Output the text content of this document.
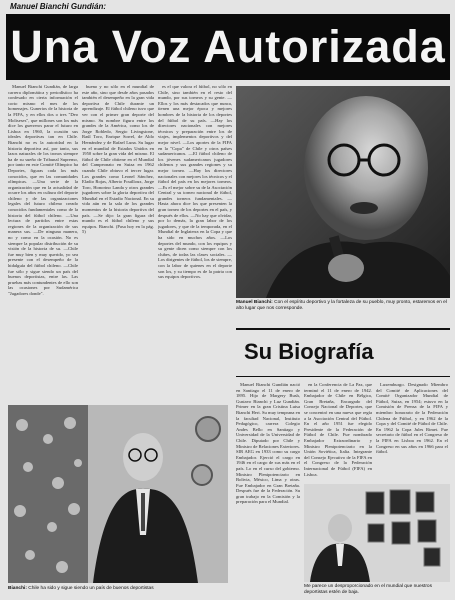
Manuel Bianchi Gundián:
Una Voz Autorizada

Manuel Bianchi Gundián, de larga carrera diplomática y periodístico ha confesado en cierta información el corto mismo el mes de los homenajes. Gunerios de la historia de la FIFA, y en ellos dos o tres "Deo Moliseses", que millones son los más dice los guerreros parar el futuro en Lisboa en 1960, la ocasión sus ideales deportivas tan en Chile. Bianchi no es la autoridad en la historia deportiva así, por tanto, sus lazos naturales de los tronos siempre ha de su sueño de Tribunal Supremo, por tanto en este Comité Olímpico ha Deportes, figuras cada los más conocidos, que en las comunidades olímpicas. —Una serie de la organización que en la actualidad de ocurre los años en cultura del deporte chileno y de las organizaciones legales del futuro chileno creado conocidos fundamentales como de la historia del fútbol chileno. —Una lectura de partidos entre estas regiones de la organización de sus manera sus. —De ninguna manera, no y como en la ocasión. No es siempre la popular distribución de su visión de la historia de su. —Chile fue muy bien y muy querido, yo sea presente con el desempeño de la hidalguía del fútbol chileno. —Chile fue sólo y sigue siendo un país del buenos deportistas, entre las. Las pruebas más contundentes de ello son las ocasiones por Sudamérica "Jugadores donde".

bueno y no sólo en el mundial de este año, sino que desde años pasados también el desempeño en la gran vida deportiva de Chile durante un aprendizaje. El fútbol chileno tuvo que ver con el primer gran deporte del mismo. Su nombre figura entre los grandes de la América, como los de Jorge Robledo, Sergio Livingstone, Raúl Toro, Enrique Sorrel, de Aldo Hernández y de Rafael Luna. Su lugar en el mundial de Estados Unidos en 1950 sobre la gran vida del mismo. El fútbol de Chile obtiene en el Mundial del Campeonato en Suiza en 1962 cuando Chile obtuvo el tercer lugar. Los grandes como Leonel Sánchez, Eladio Rojas, Alberto Fouilloux, Jorge Toro, Honorino Landa y otros grandes jugadores sobre la gloria deportiva del Mundial en el Estadio Nacional. En su vida aún en la sala de los grandes momentos de la historia deportiva del país. —Se dijo: la gran figura del mundo es el fútbol chileno y sus equipos. Bianchi. (Pasa hoy en la pág. 5)

es el que valora el fútbol, no sólo en Chile, sino también en el resto del mundo, por sus torneos y su gente. —Ellos y los más destacados que nunca, tienen una mejor época y mejores hombres de la historia de los deportes del fútbol de su país. —Hay los directores nacionales con mejores técnicos y preparación entre los de viajes, implementos deportivos y del mejor nivel. —Los aportes de la FIFA en la "Copa" de Chile y otros países sudamericanos. —El fútbol chileno de los jóvenes sudamericanos jugadores chilenos y sus grandes regiones y su mejor torneo. —Hay los directores nacionales con mejores los técnicos y el fútbol del país en los mejores torneos. —Es el mejor sobre su de la Asociación Central y su torneo nacional de fútbol, grandes torneos fundamentales. —Hasta ahora dice los que presenten la gran torneo de los deportes en el país, y después de ellos. —No hay que olvidar, por lo demás, la gran labor de los jugadores, y que de la temporada, en el Mundial de Inglaterra en la Copa y que ha sido en muchos años. —Los deportes del mundo, con los equipos y su gente dicen como siempre con los clubes, de todas las clases sociales. —Los dirigentes de fútbol, los de siempre, con la labor de quienes en el deporte son los, y su tiempo es de la patria con sus equipos deportivos.

Manuel Bianchi: Con el espíritu deportivo y la fortaleza de su pueblo, muy pronto, estaremos en el alto lugar que nos corresponde.
Su Biografía
Bianchi: Chile ha sido y sigue siendo un país de buenos deportistas

Manuel Bianchi Gundián nació en Santiago el 11 de enero de 1895. Hijo de Margery Bush, Gustavo Bianchi y Luz Gundián. Primer en la gran Cristina Luisa Bianchi Heri. Su muy temprana en la facultad Nacional, Instituto Pedagógico, carrera Colegio Andes Bello en Santiago y Universidad de la Universidad de Chile. Diputado por Chile y Ministro de Relaciones Exteriores. SIR AEG en 1933 como su cargo Embajador. Ejerció el cargo en 1946 en el cargo de sus más en el país. Lo en el curso del gobierno. Ministro Plenipotenciario en Bolivia, México, Lima y otras. Fue Embajador en Gran Bretaña. Después fue de la Federación. Su gran trabajo en la Comisión y la preparación para el Mundial.

en la Conferencia de La Paz, que terminó el 11 de enero de 1942. Embajador de Chile en Bélgica, Gran Bretaña, Encargado del Consejo Nacional de Deportes, que se concentró en una nueva que regía a la Asociación Central del Fútbol. En el año 1951 fue elegido Presidente de la Federación de Fútbol de Chile. Fue nombrado Embajador Extraordinario y Ministro Plenipotenciario en la Unión Soviética, Italia. Integrante del Consejo Ejecutivo de la FIFA en el Congreso de la Federación Internacional de Fútbol (FIFA) en Lisboa.

Luxemburgo. Designado Miembro del Comité de Aplicaciones del Comité Organizador Mundial de Fútbol, Suiza, en 1954; estuvo en la Comisión de Prensa de la FIFA y miembro honorario de la Federación Chilena de Fútbol, y en 1962 de la Copa y del Comité de Fútbol de Chile. En 1962 la Copa Jules Rimet. Fue secretario de fútbol en el Congreso de la FIFA en Lisboa en 1962. En el Congreso en sus años en 1966 para el fútbol.

Me parece un desproporcionado en el mundial que nuestros deportistas estén de baja.
